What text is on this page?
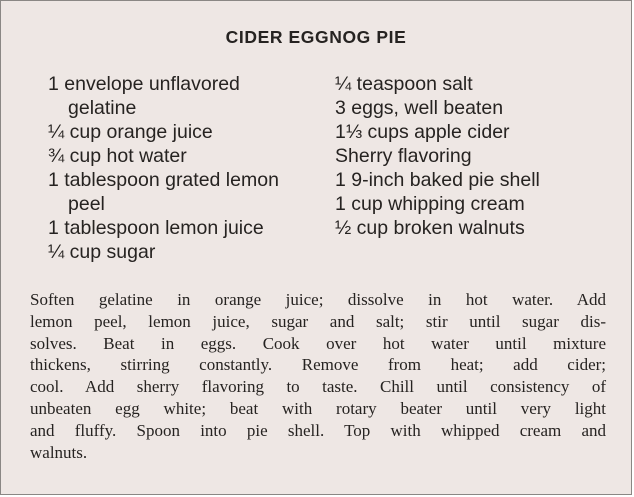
CIDER EGGNOG PIE
1 envelope unflavored
gelatine
¼ cup orange juice
¾ cup hot water
1 tablespoon grated lemon
peel
1 tablespoon lemon juice
¼ cup sugar
¼ teaspoon salt
3 eggs, well beaten
1⅓ cups apple cider
Sherry flavoring
1 9-inch baked pie shell
1 cup whipping cream
½ cup broken walnuts

Soften gelatine in orange juice; dissolve in hot water. Add
lemon peel, lemon juice, sugar and salt; stir until sugar dis-
solves. Beat in eggs. Cook over hot water until mixture
thickens, stirring constantly. Remove from heat; add cider;
cool. Add sherry flavoring to taste. Chill until consistency of
unbeaten egg white; beat with rotary beater until very light
and fluffy. Spoon into pie shell. Top with whipped cream and
walnuts.
